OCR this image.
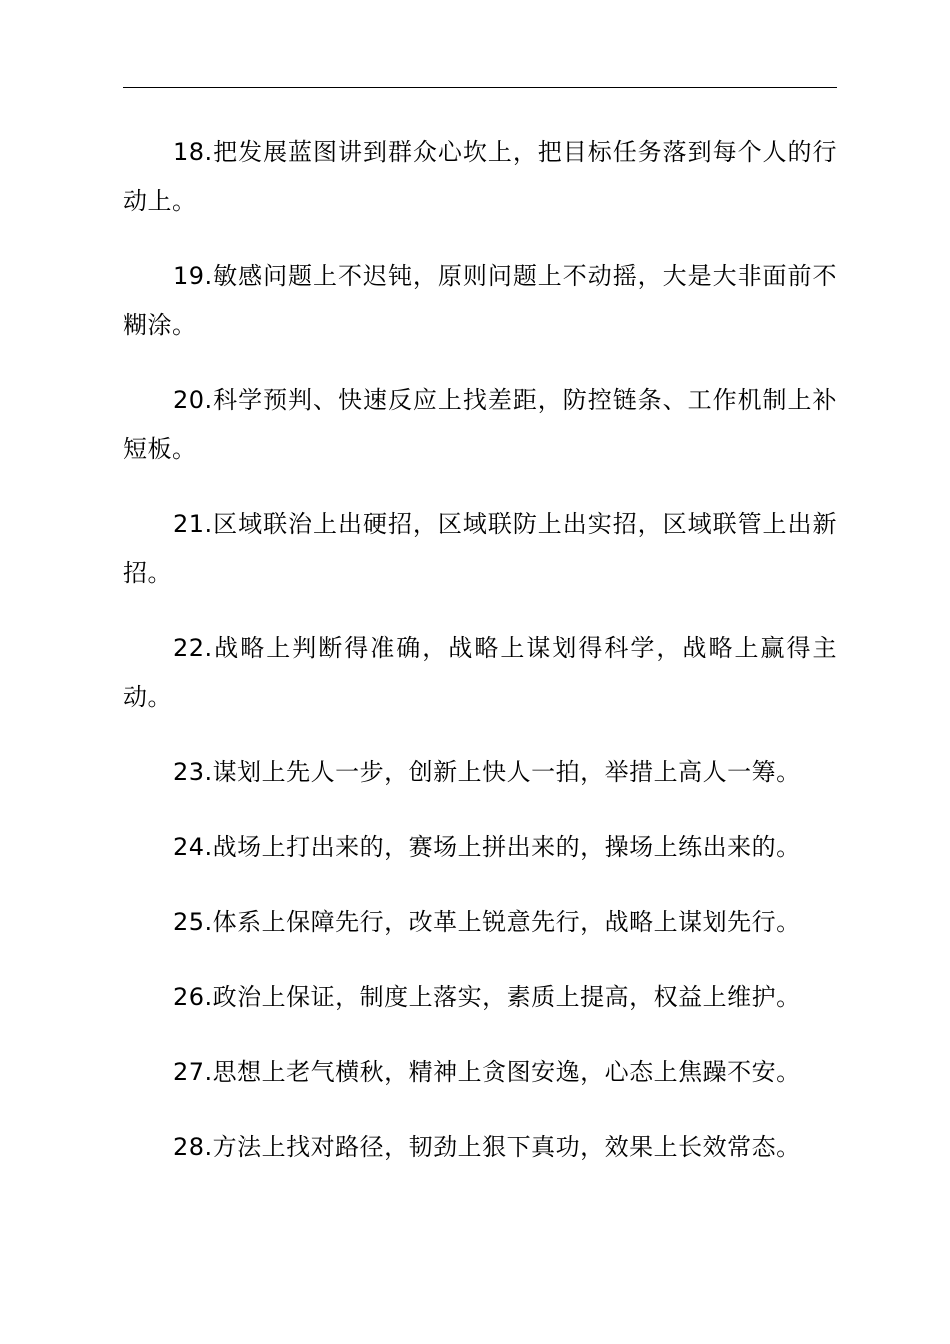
18.把发展蓝图讲到群众心坎上，把目标任务落到每个人的行动上。

19.敏感问题上不迟钝，原则问题上不动摇，大是大非面前不糊涂。

20.科学预判、快速反应上找差距，防控链条、工作机制上补短板。

21.区域联治上出硬招，区域联防上出实招，区域联管上出新招。

22.战略上判断得准确，战略上谋划得科学，战略上赢得主动。

23.谋划上先人一步，创新上快人一拍，举措上高人一筹。

24.战场上打出来的，赛场上拼出来的，操场上练出来的。

25.体系上保障先行，改革上锐意先行，战略上谋划先行。

26.政治上保证，制度上落实，素质上提高，权益上维护。

27.思想上老气横秋，精神上贪图安逸，心态上焦躁不安。

28.方法上找对路径，韧劲上狠下真功，效果上长效常态。
